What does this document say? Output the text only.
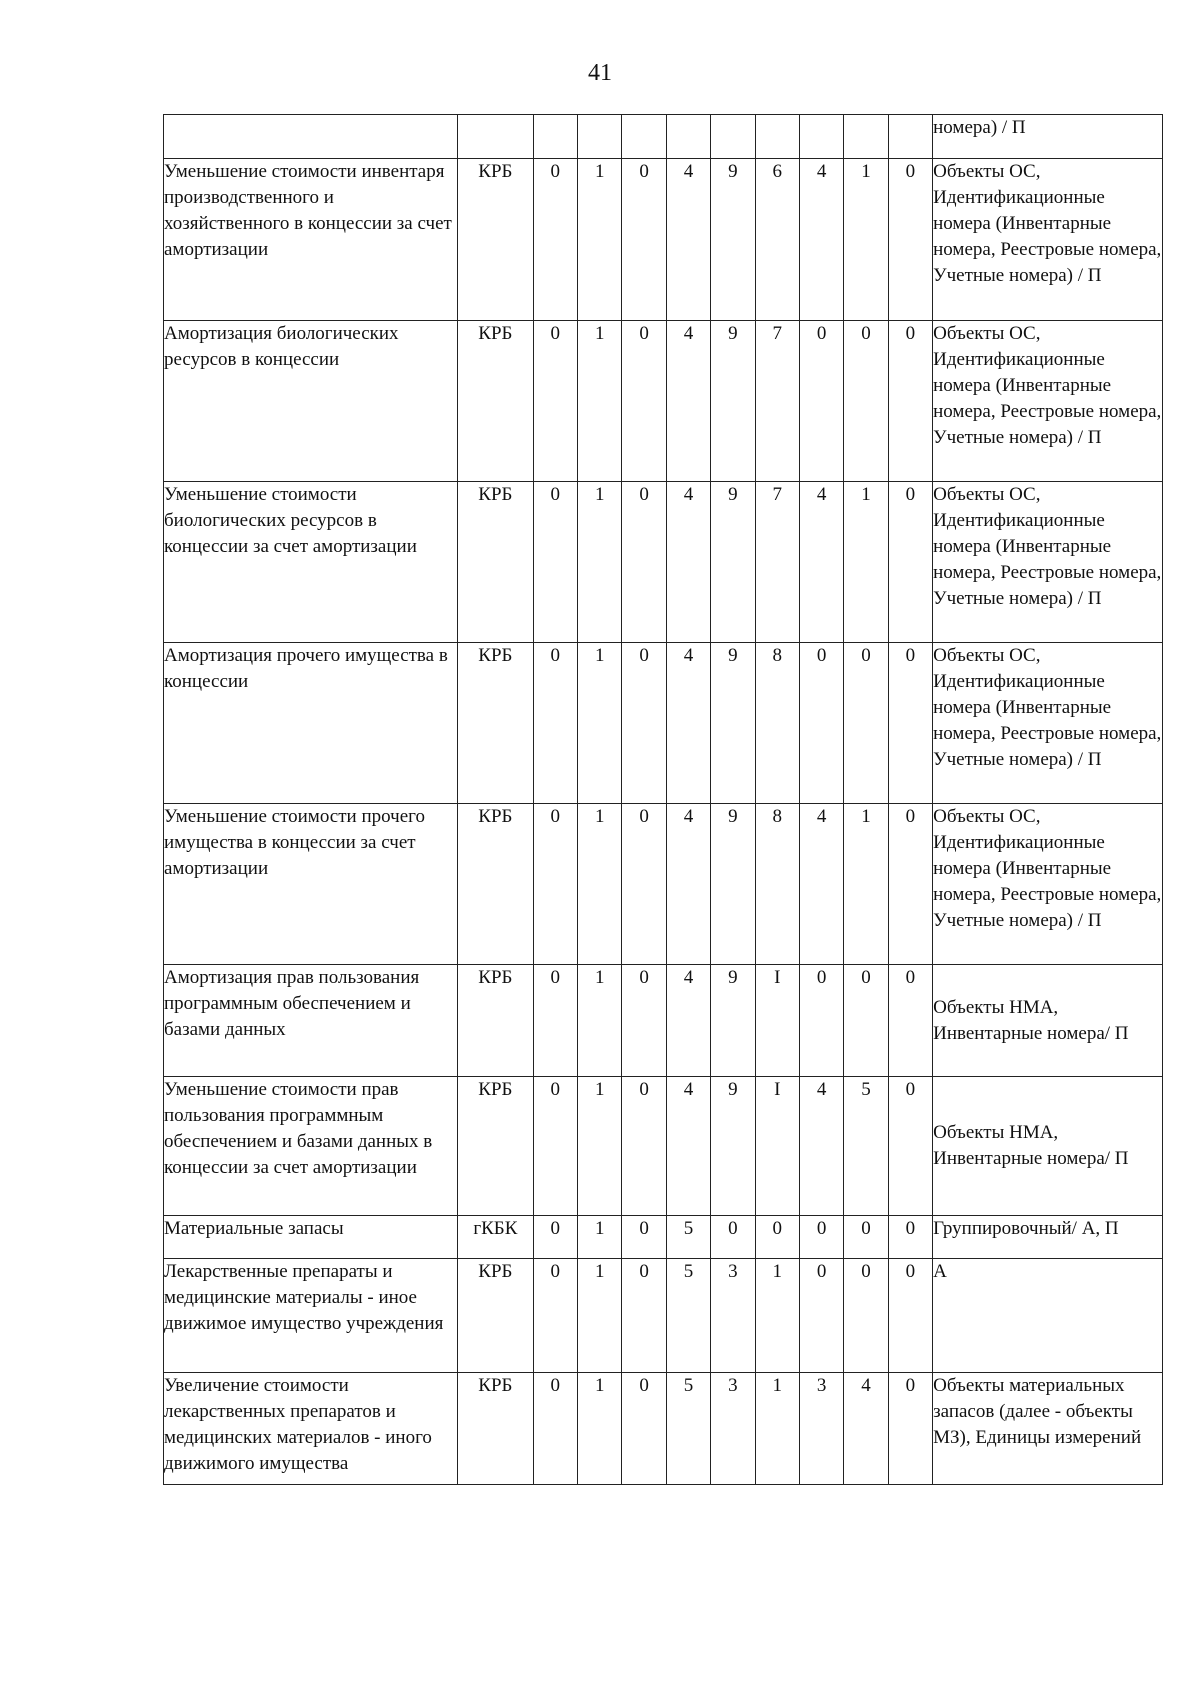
41
											номера) / П
Уменьшение стоимости инвентаря производственного и хозяйственного в концессии за счет амортизации	КРБ	0	1	0	4	9	6	4	1	0	Объекты ОС, Идентификационные номера (Инвентарные номера, Реестровые номера, Учетные номера) / П
Амортизация биологических ресурсов в концессии	КРБ	0	1	0	4	9	7	0	0	0	Объекты ОС, Идентификационные номера (Инвентарные номера, Реестровые номера, Учетные номера) / П
Уменьшение стоимости биологических ресурсов в концессии за счет амортизации	КРБ	0	1	0	4	9	7	4	1	0	Объекты ОС, Идентификационные номера (Инвентарные номера, Реестровые номера, Учетные номера) / П
Амортизация прочего имущества в концессии	КРБ	0	1	0	4	9	8	0	0	0	Объекты ОС, Идентификационные номера (Инвентарные номера, Реестровые номера, Учетные номера) / П
Уменьшение стоимости прочего имущества в концессии за счет амортизации	КРБ	0	1	0	4	9	8	4	1	0	Объекты ОС, Идентификационные номера (Инвентарные номера, Реестровые номера, Учетные номера) / П
Амортизация прав пользования программным обеспечением и базами данных	КРБ	0	1	0	4	9	I	0	0	0	Объекты НМА, Инвентарные номера/ П
Уменьшение стоимости прав пользования программным обеспечением и базами данных в концессии за счет амортизации	КРБ	0	1	0	4	9	I	4	5	0	Объекты НМА, Инвентарные номера/ П
Материальные запасы	гКБК	0	1	0	5	0	0	0	0	0	Группировочный/ А, П
Лекарственные препараты и медицинские материалы - иное движимое имущество учреждения	КРБ	0	1	0	5	3	1	0	0	0	А
Увеличение стоимости лекарственных препаратов и медицинских материалов - иного движимого имущества	КРБ	0	1	0	5	3	1	3	4	0	Объекты материальных запасов (далее - объекты МЗ), Единицы измерений
